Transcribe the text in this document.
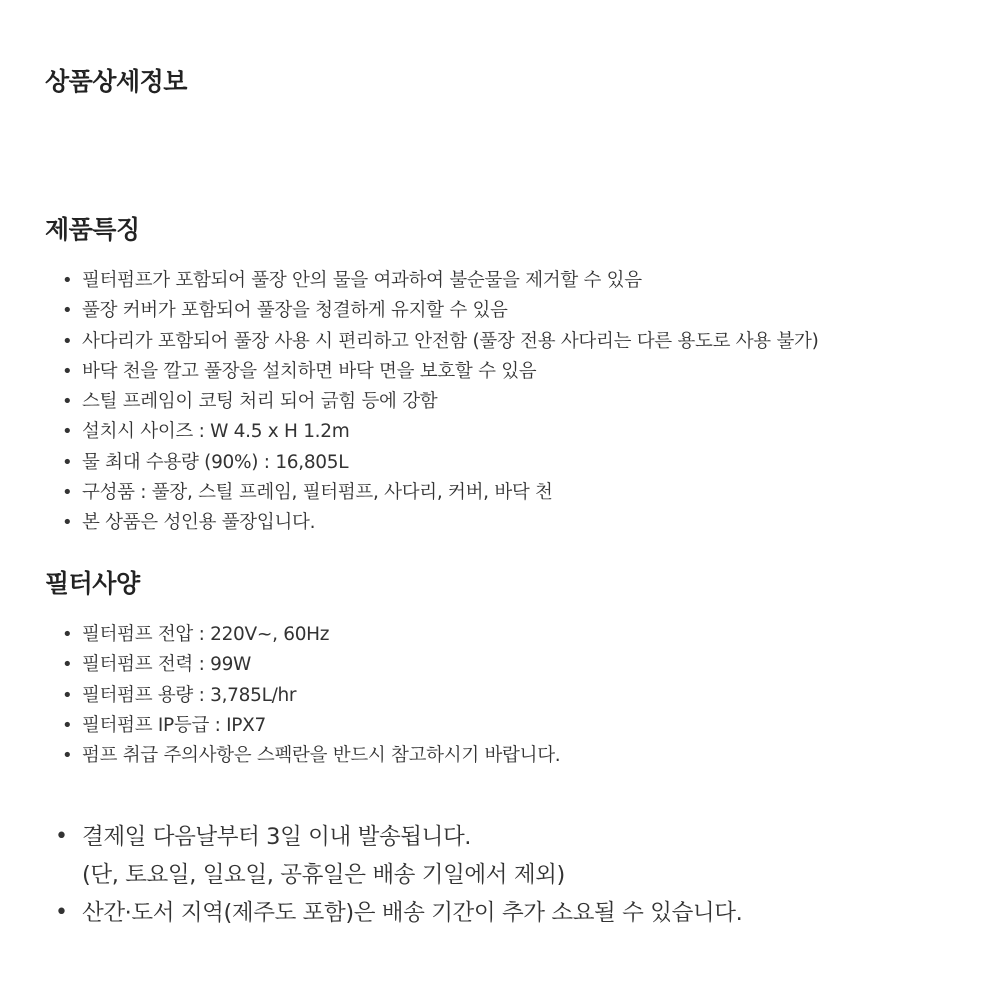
상품상세정보
제품특징
• 필터펌프가 포함되어 풀장 안의 물을 여과하여 불순물을 제거할 수 있음
• 풀장 커버가 포함되어 풀장을 청결하게 유지할 수 있음
• 사다리가 포함되어 풀장 사용 시 편리하고 안전함 (풀장 전용 사다리는 다른 용도로 사용 불가)
• 바닥 천을 깔고 풀장을 설치하면 바닥 면을 보호할 수 있음
• 스틸 프레임이 코팅 처리 되어 긁힘 등에 강함
• 설치시 사이즈 : W 4.5 x H 1.2m
• 물 최대 수용량 (90%) : 16,805L
• 구성품 : 풀장, 스틸 프레임, 필터펌프, 사다리, 커버, 바닥 천
• 본 상품은 성인용 풀장입니다.
필터사양
• 필터펌프 전압 : 220V~, 60Hz
• 필터펌프 전력 : 99W
• 필터펌프 용량 : 3,785L/hr
• 필터펌프 IP등급 : IPX7
• 펌프 취급 주의사항은 스펙란을 반드시 참고하시기 바랍니다.
• 결제일 다음날부터 3일 이내 발송됩니다.
(단, 토요일, 일요일, 공휴일은 배송 기일에서 제외)
• 산간·도서 지역(제주도 포함)은 배송 기간이 추가 소요될 수 있습니다.
